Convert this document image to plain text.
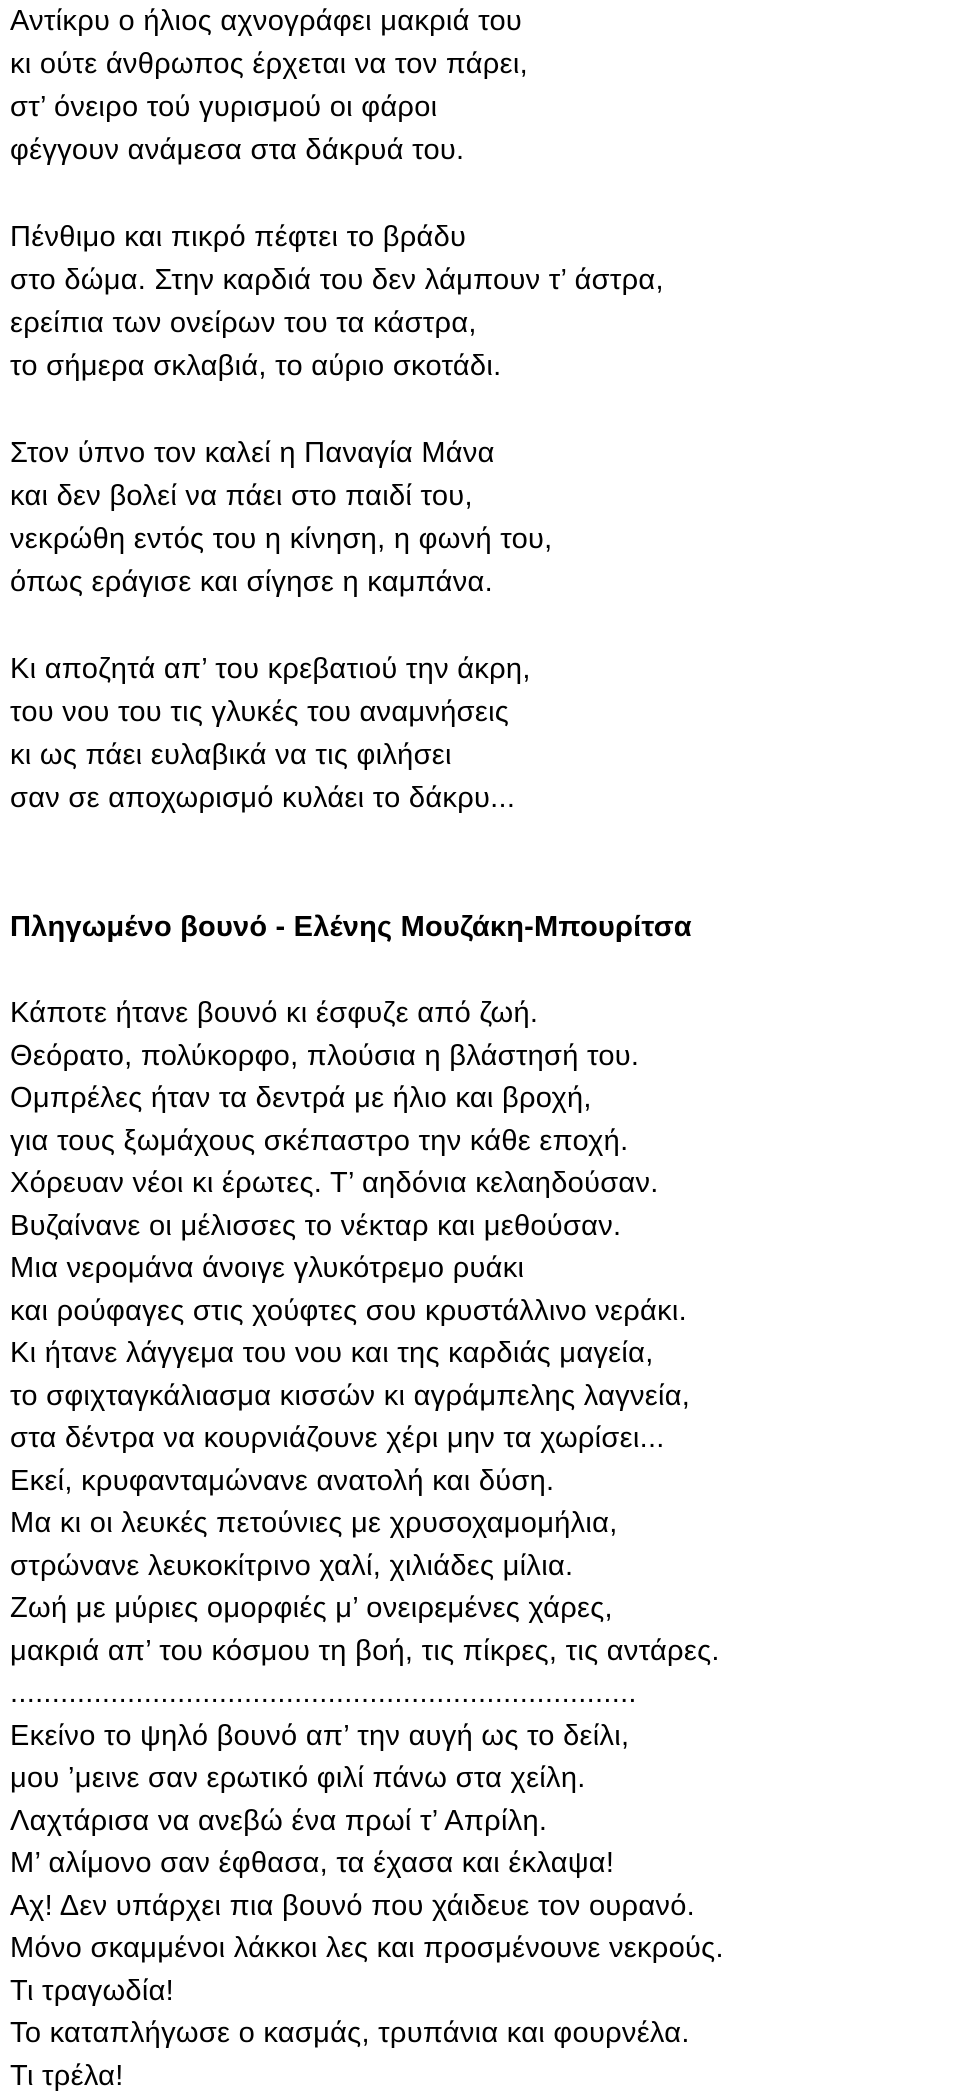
Αντίκρυ ο ήλιος αχνογράφει μακριά του
κι ούτε άνθρωπος έρχεται να τον πάρει,
στ’ όνειρο τού γυρισμού οι φάροι
φέγγουν ανάμεσα στα δάκρυά του.
Πένθιμο και πικρό πέφτει το βράδυ
στο δώμα. Στην καρδιά του δεν λάμπουν τ’ άστρα,
ερείπια των ονείρων του τα κάστρα,
το σήμερα σκλαβιά, το αύριο σκοτάδι.
Στον ύπνο τον καλεί η Παναγία Μάνα
και δεν βολεί να πάει στο παιδί του,
νεκρώθη εντός του η κίνηση, η φωνή του,
όπως εράγισε και σίγησε η καμπάνα.
Κι αποζητά απ’ του κρεβατιού την άκρη,
του νου του τις γλυκές του αναμνήσεις
κι ως πάει ευλαβικά να τις φιλήσει
σαν σε αποχωρισμό κυλάει το δάκρυ...
Πληγωμένο βουνό - Ελένης Μουζάκη-Μπουρίτσα
Κάποτε ήτανε βουνό κι έσφυζε από ζωή.
Θεόρατο, πολύκορφο, πλούσια η βλάστησή του.
Ομπρέλες ήταν τα δεντρά με ήλιο και βροχή,
για τους ξωμάχους σκέπαστρο την κάθε εποχή.
Χόρευαν νέοι κι έρωτες. Τ’ αηδόνια κελαηδούσαν.
Βυζαίνανε οι μέλισσες το νέκταρ και μεθούσαν.
Μια νερομάνα άνοιγε γλυκότρεμο ρυάκι
και ρούφαγες στις χούφτες σου κρυστάλλινο νεράκι.
Κι ήτανε λάγγεμα του νου και της καρδιάς μαγεία,
το σφιχταγκάλιασμα κισσών κι αγράμπελης λαγνεία,
στα δέντρα να κουρνιάζουνε χέρι μην τα χωρίσει...
Εκεί, κρυφανταμώνανε ανατολή και δύση.
Μα κι οι λευκές πετούνιες με χρυσοχαμομήλια,
στρώνανε λευκοκίτρινο χαλί, χιλιάδες μίλια.
Ζωή με μύριες ομορφιές μ’ ονειρεμένες χάρες,
μακριά απ’ του κόσμου τη βοή, τις πίκρες, τις αντάρες.
...........................................................................
Εκείνο το ψηλό βουνό απ’ την αυγή ως το δείλι,
μου ’μεινε σαν ερωτικό φιλί πάνω στα χείλη.
Λαχτάρισα να ανεβώ ένα πρωί τ’ Απρίλη.
Μ’ αλίμονο σαν έφθασα, τα έχασα και έκλαψα!
Αχ! Δεν υπάρχει πια βουνό που χάιδευε τον ουρανό.
Μόνο σκαμμένοι λάκκοι λες και προσμένουνε νεκρούς.
Τι τραγωδία!
Το καταπλήγωσε ο κασμάς, τρυπάνια και φουρνέλα.
Τι τρέλα!
